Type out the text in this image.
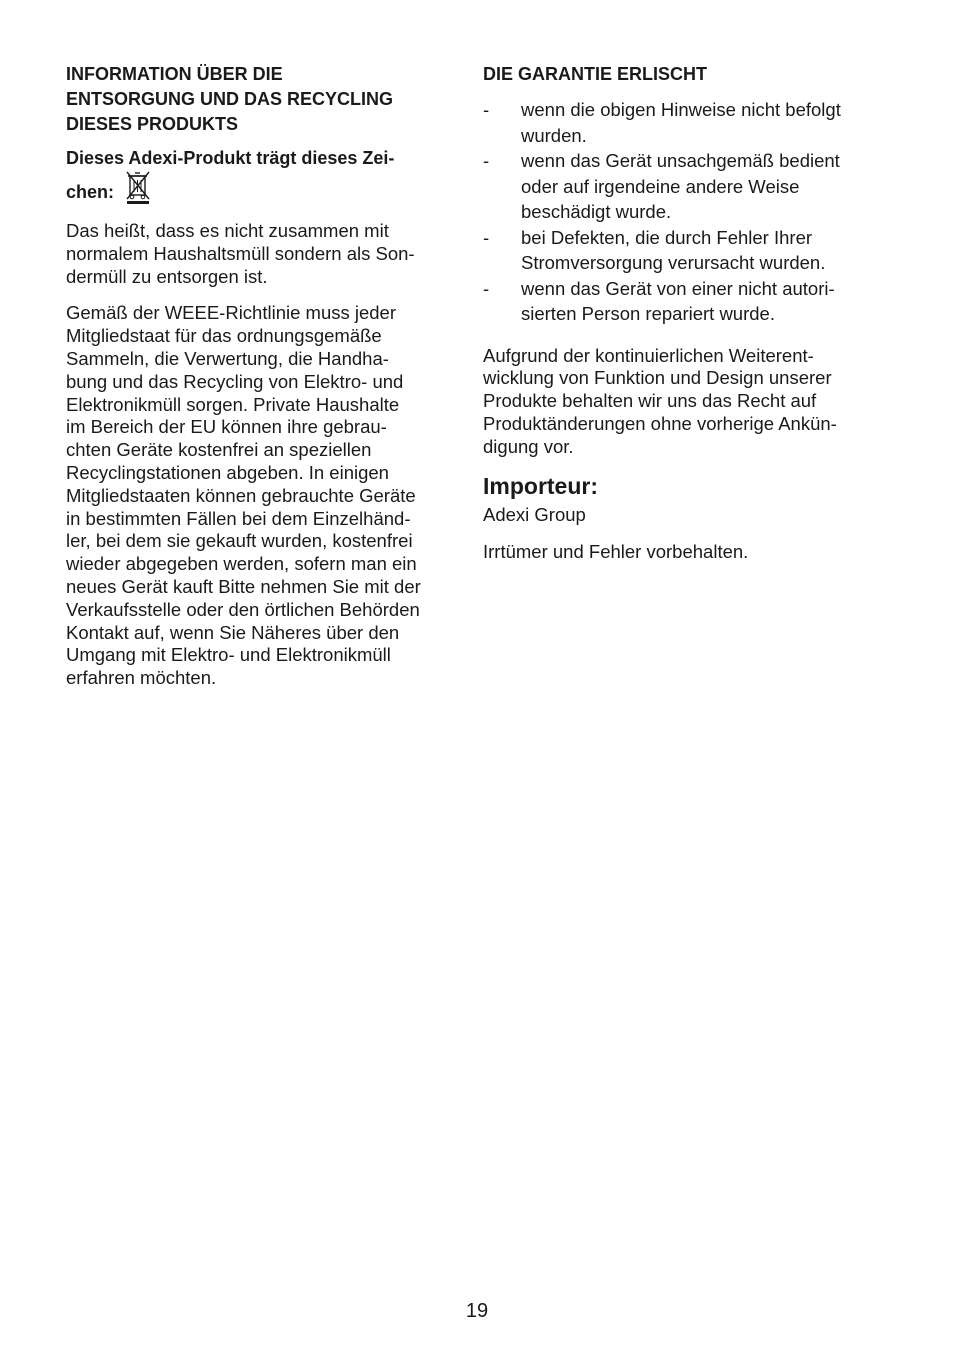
INFORMATION ÜBER DIE
ENTSORGUNG UND DAS RECYCLING
DIESES PRODUKTS
Dieses Adexi-Produkt trägt dieses Zei-
chen:

Das heißt, dass es nicht zusammen mit
normalem Haushaltsmüll sondern als Son-
dermüll zu entsorgen ist.

Gemäß der WEEE-Richtlinie muss jeder
Mitgliedstaat für das ordnungsgemäße
Sammeln, die Verwertung, die Handha-
bung und das Recycling von Elektro- und
Elektronikmüll sorgen. Private Haushalte
im Bereich der EU können ihre gebrau-
chten Geräte kostenfrei an speziellen
Recyclingstationen abgeben. In einigen
Mitgliedstaaten können gebrauchte Geräte
in bestimmten Fällen bei dem Einzelhänd-
ler, bei dem sie gekauft wurden, kostenfrei
wieder abgegeben werden, sofern man ein
neues Gerät kauft Bitte nehmen Sie mit der
Verkaufsstelle oder den örtlichen Behörden
Kontakt auf, wenn Sie Näheres über den
Umgang mit Elektro- und Elektronikmüll
erfahren möchten.

DIE GARANTIE ERLISCHT
- wenn die obigen Hinweise nicht befolgt
wurden.
- wenn das Gerät unsachgemäß bedient
oder auf irgendeine andere Weise
beschädigt wurde.
- bei Defekten, die durch Fehler Ihrer
Stromversorgung verursacht wurden.
- wenn das Gerät von einer nicht autori-
sierten Person repariert wurde.

Aufgrund der kontinuierlichen Weiterent-
wicklung von Funktion und Design unserer
Produkte behalten wir uns das Recht auf
Produktänderungen ohne vorherige Ankün-
digung vor.

Importeur:

Adexi Group

Irrtümer und Fehler vorbehalten.

19
